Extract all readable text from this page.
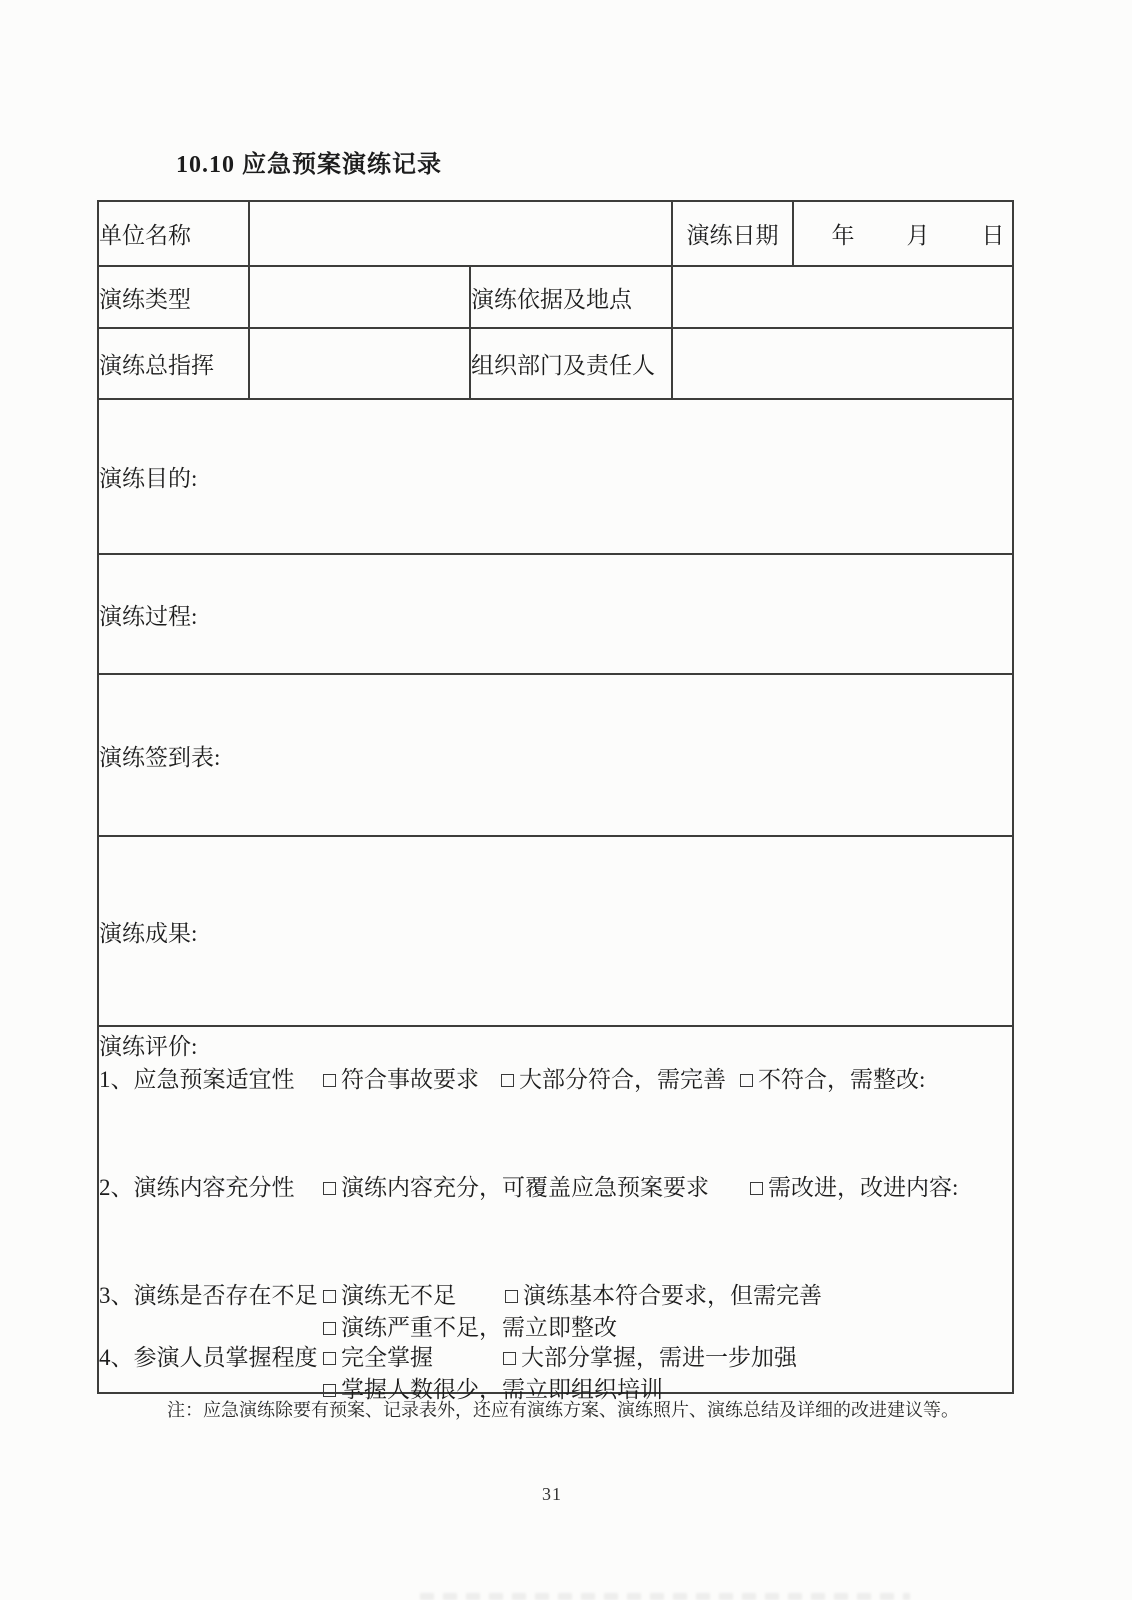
10.10 应急预案演练记录
单位名称			演练日期	年 月 日

演练类型		演练依据及地点		
演练总指挥		组织部门及责任人		
演练目的:				
演练过程:				
演练签到表:				
演练成果:				

演练评价:
1、应急预案适宜性	符合事故要求 大部分符合，需完善 不符合，需整改:
2、演练内容充分性	演练内容充分，可覆盖应急预案要求	需改进，改进内容:
3、演练是否存在不足 演练无不足	演练基本符合要求，但需完善
演练严重不足，需立即整改
4、参演人员掌握程度 完全掌握	大部分掌握，需进一步加强
掌握人数很少，需立即组织培训
注：应急演练除要有预案、记录表外，还应有演练方案、演练照片、演练总结及详细的改进建议等。
31
